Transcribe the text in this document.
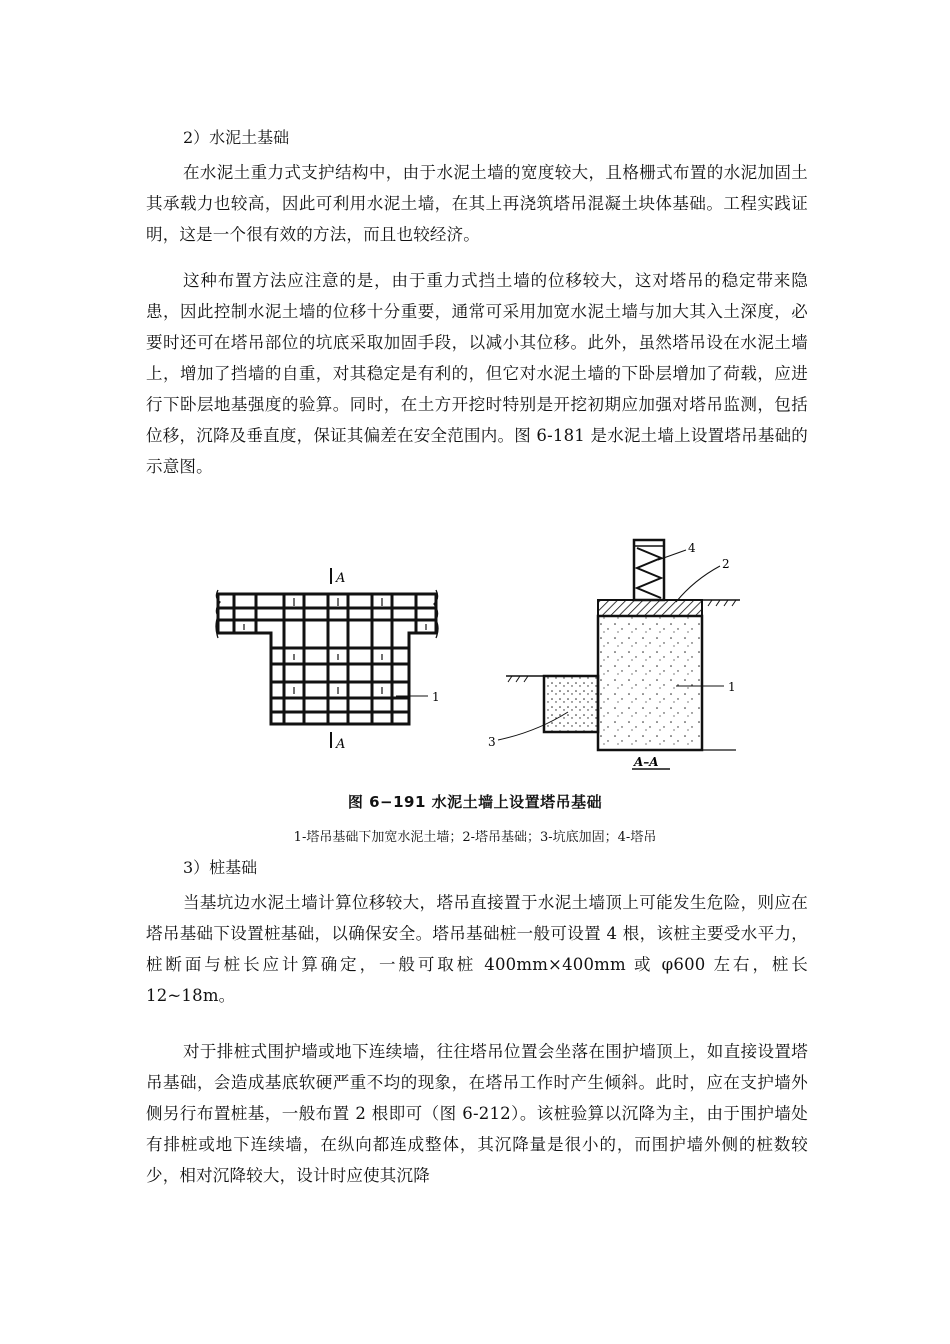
2）水泥土基础

在水泥土重力式支护结构中，由于水泥土墙的宽度较大，且格栅式布置的水泥加固土其承载力也较高，因此可利用水泥土墙，在其上再浇筑塔吊混凝土块体基础。工程实践证明，这是一个很有效的方法，而且也较经济。

这种布置方法应注意的是，由于重力式挡土墙的位移较大，这对塔吊的稳定带来隐患，因此控制水泥土墙的位移十分重要，通常可采用加宽水泥土墙与加大其入土深度，必要时还可在塔吊部位的坑底采取加固手段，以减小其位移。此外，虽然塔吊设在水泥土墙上，增加了挡墙的自重，对其稳定是有利的，但它对水泥土墙的下卧层增加了荷载，应进行下卧层地基强度的验算。同时，在土方开挖时特别是开挖初期应加强对塔吊监测，包括位移，沉降及垂直度，保证其偏差在安全范围内。图 6-181 是水泥土墙上设置塔吊基础的示意图。

A
A
1
A–A
4
2
1
3
图 6−191 水泥土墙上设置塔吊基础
1-塔吊基础下加宽水泥土墙；2-塔吊基础；3-坑底加固；4-塔吊
3）桩基础

当基坑边水泥土墙计算位移较大，塔吊直接置于水泥土墙顶上可能发生危险，则应在塔吊基础下设置桩基础，以确保安全。塔吊基础桩一般可设置 4 根，该桩主要受水平力，桩断面与桩长应计算确定，一般可取桩 400mm×400mm 或 φ600 左右，桩长 12~18m。

对于排桩式围护墙或地下连续墙，往往塔吊位置会坐落在围护墙顶上，如直接设置塔吊基础，会造成基底软硬严重不均的现象，在塔吊工作时产生倾斜。此时，应在支护墙外侧另行布置桩基，一般布置 2 根即可（图 6-212）。该桩验算以沉降为主，由于围护墙处有排桩或地下连续墙，在纵向都连成整体，其沉降量是很小的，而围护墙外侧的桩数较少，相对沉降较大，设计时应使其沉降
